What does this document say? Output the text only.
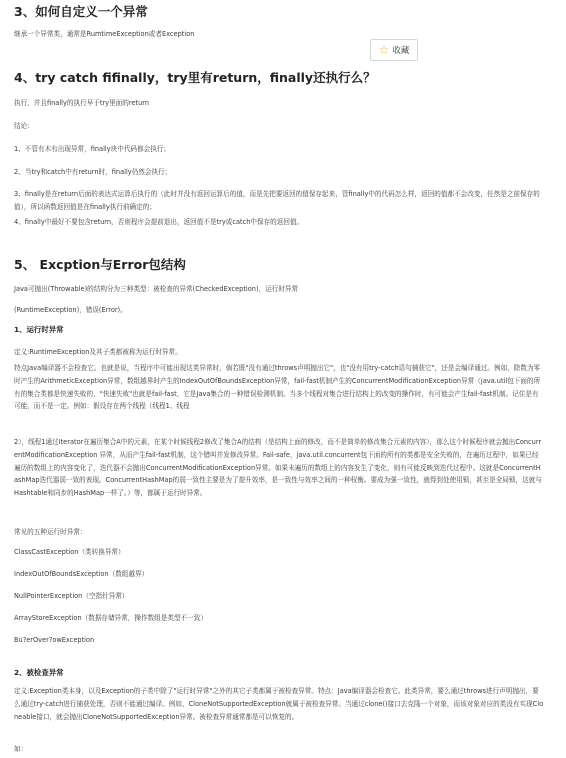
3、如何自定义一个异常

继承一个异常类，通常是RumtimeException或者Exception

☆ 收藏
4、try catch fifinally，try里有return，finally还执行么？

执行，并且finally的执行早于try里面的return

结论：

1、不管有木有出现异常，finally块中代码都会执行；

2、当try和catch中有return时，finally仍然会执行；

3、finally是在return后面的表达式运算后执行的（此时并没有返回运算后的值，而是先把要返回的值保存起来，管finally中的代码怎么样，返回的值都不会改变，任然是之前保存的值），所以函数返回值是在finally执行前确定的；

4、finally中最好不要包含return，否则程序会提前退出，返回值不是try或catch中保存的返回值。

5、 Excption与Error包结构

Java可抛出(Throwable)的结构分为三种类型：被检查的异常(CheckedException)，运行时异常

(RuntimeException)，错误(Error)。

1、运行时异常

定义:RuntimeException及其子类都被称为运行时异常。

特点Java编译器不会检查它。也就是说，当程序中可能出现这类异常时，倘若既"没有通过throws声明抛出它"，也"没有用try-catch语句捕获它"，还是会编译通过。例如，除数为零时产生的ArithmeticException异常，数组越界时产生的IndexOutOfBoundsException异常，fail-fast机制产生的ConcurrentModiﬁcationException异常（java.util包下面的所有的集合类都是快速失败的，"快速失败"也就是fail-fast，它是Java集合的一种错误检测机制。当多个线程对集合进行结构上的改变的操作时，有可能会产生fail-fast机制。记住是有可能，而不是一定。例如：假设存在两个线程（线程1、线程

2），线程1通过Iterator在遍历集合A中的元素，在某个时候线程2修改了集合A的结构（是结构上面的修改，而不是简单的修改集合元素的内容），那么这个时候程序就会抛出ConcurrentModiﬁcationException 异常，从而产生fail-fast机制，这个错叫并发修改异常。Fail-safe，java.util.concurrent包下面的所有的类都是安全失败的，在遍历过程中，如果已经遍历的数组上的内容变化了，迭代器不会抛出ConcurrentModiﬁcationException异常。如果未遍历的数组上的内容发生了变化，则有可能反映到迭代过程中。这就是ConcurrentHashMap迭代器弱一致的表现。ConcurrentHashMap的弱一致性主要是为了提升效率，是一致性与效率之间的一种权衡。要成为强一致性，就得到处使用锁，甚至是全局锁，这就与Hashtable和同步的HashMap一样了。）等，都属于运行时异常。

常见的五种运行时异常：

ClassCastException（类转换异常）

IndexOutOfBoundsException（数组越界）

NullPointerException（空指针异常）

ArrayStoreException（数据存储异常，操作数组是类型不一致）

Bu?erOver?owException

2、被检查异常

定义:Exception类本身，以及Exception的子类中除了"运行时异常"之外的其它子类都属于被检查异常。特点：Java编译器会检查它。此类异常，要么通过throws进行声明抛出，要么通过try-catch进行捕获处理，否则不能通过编译。例如，CloneNotSupportedException就属于被检查异常。当通过clone()接口去克隆一个对象，而该对象对应的类没有实现Cloneable接口，就会抛出CloneNotSupportedException异常。被检查异常通常都是可以恢复的。

如：
